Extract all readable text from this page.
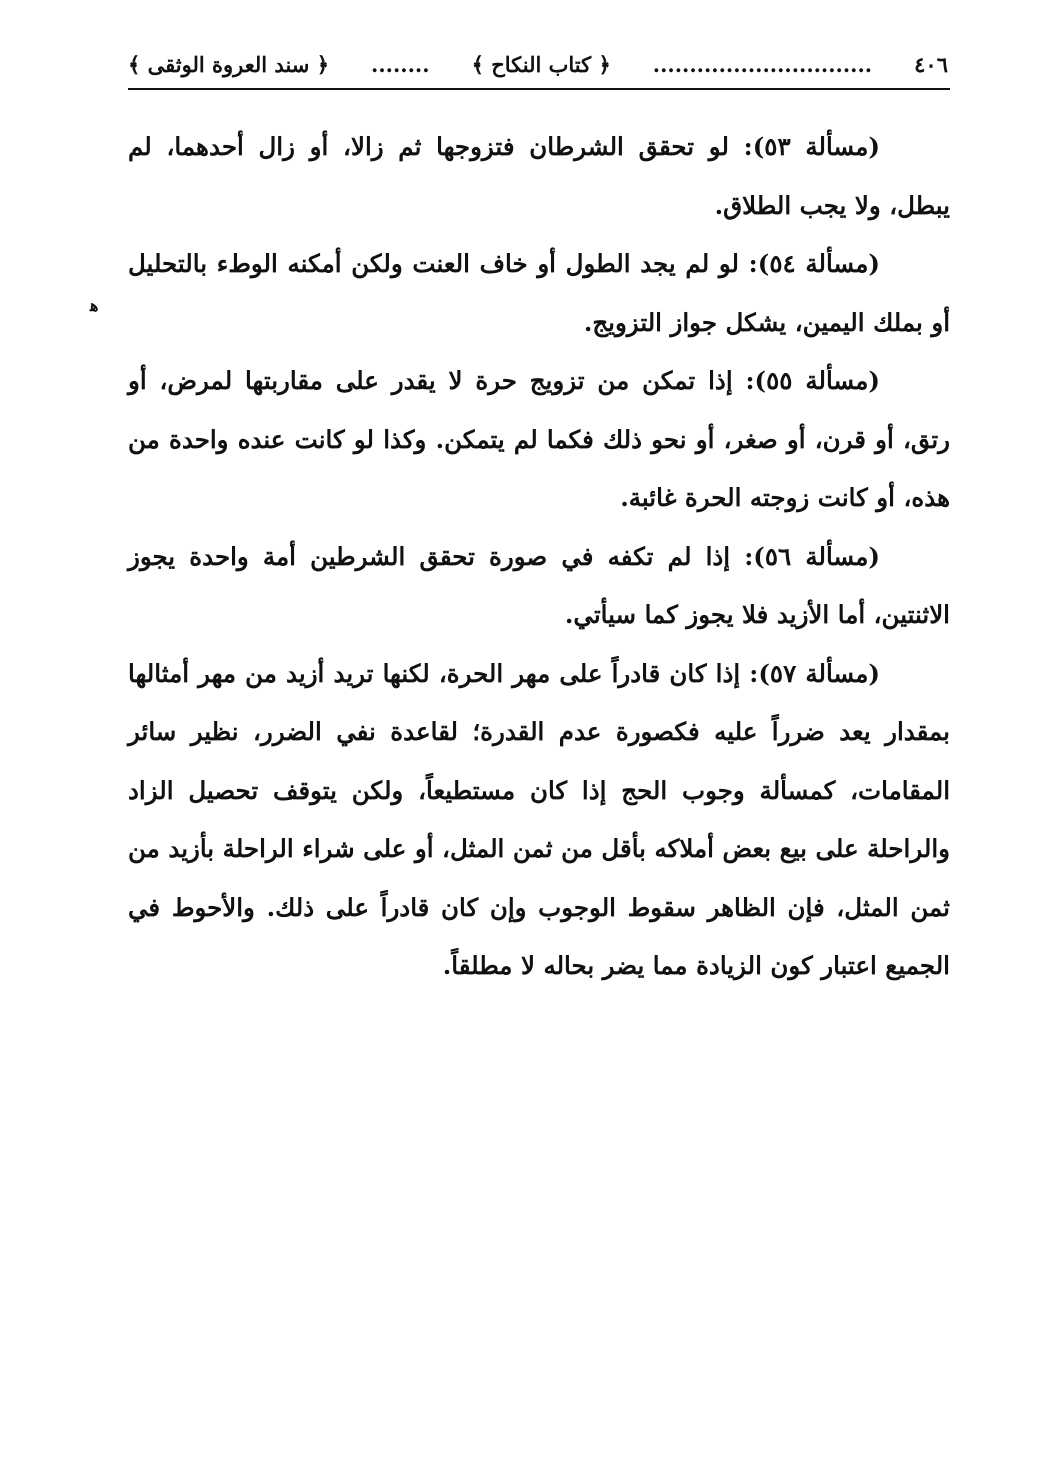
٤٠٦
..............................
﴿ كتاب النكاح ﴾
........
﴿ سند العروة الوثقى ﴾
ﻫ

(مسألة ٥٣): لو تحقق الشرطان فتزوجها ثم زالا، أو زال أحدهما، لم يبطل، ولا يجب الطلاق.

(مسألة ٥٤): لو لم يجد الطول أو خاف العنت ولكن أمكنه الوطء بالتحليل أو بملك اليمين، يشكل جواز التزويج.

(مسألة ٥٥): إذا تمكن من تزويج حرة لا يقدر على مقاربتها لمرض، أو رتق، أو قرن، أو صغر، أو نحو ذلك فكما لم يتمكن. وكذا لو كانت عنده واحدة من هذه، أو كانت زوجته الحرة غائبة.

(مسألة ٥٦): إذا لم تكفه في صورة تحقق الشرطين أمة واحدة يجوز الاثنتين، أما الأزيد فلا يجوز كما سيأتي.

(مسألة ٥٧): إذا كان قادراً على مهر الحرة، لكنها تريد أزيد من مهر أمثالها بمقدار يعد ضرراً عليه فكصورة عدم القدرة؛ لقاعدة نفي الضرر، نظير سائر المقامات، كمسألة وجوب الحج إذا كان مستطيعاً، ولكن يتوقف تحصيل الزاد والراحلة على بيع بعض أملاكه بأقل من ثمن المثل، أو على شراء الراحلة بأزيد من ثمن المثل، فإن الظاهر سقوط الوجوب وإن كان قادراً على ذلك. والأحوط في الجميع اعتبار كون الزيادة مما يضر بحاله لا مطلقاً.
